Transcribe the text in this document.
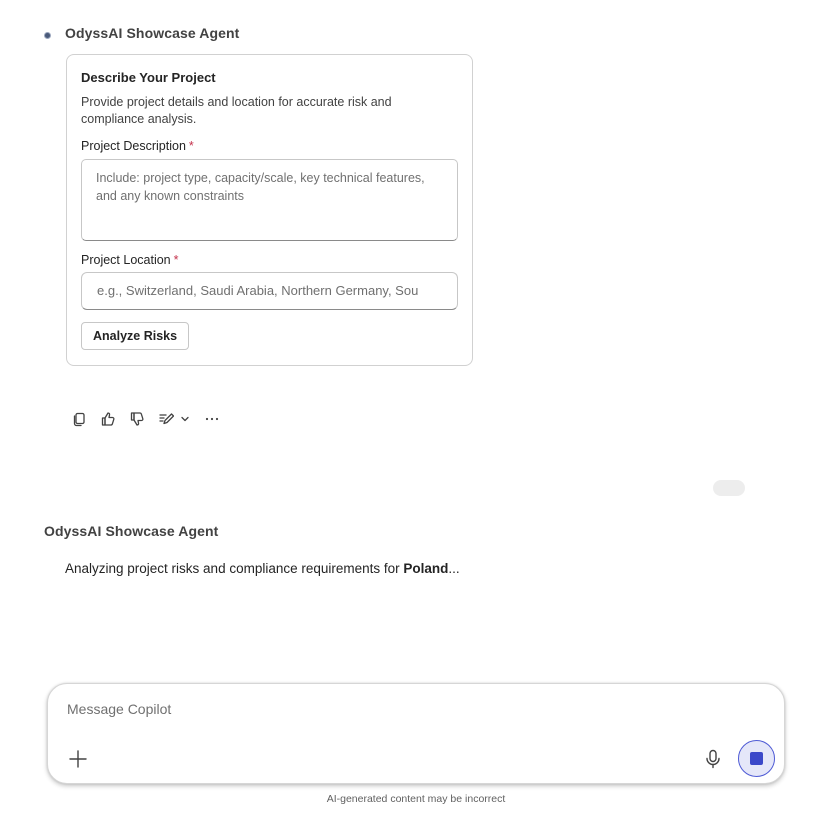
OdyssAI Showcase Agent
Describe Your Project
Provide project details and location for accurate risk and compliance analysis.
Project Description *
Include: project type, capacity/scale, key technical features, and any known constraints
Project Location *
e.g., Switzerland, Saudi Arabia, Northern Germany, Sou
Analyze Risks
OdyssAI Showcase Agent
Analyzing project risks and compliance requirements for Poland...
Message Copilot
AI-generated content may be incorrect
